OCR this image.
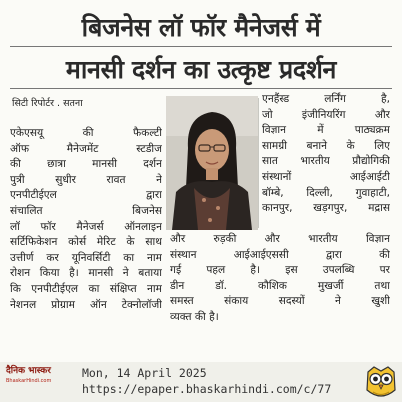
बिजनेस लॉ फॉर मैनेजर्स में
मानसी दर्शन का उत्कृष्ट प्रदर्शन
सिटी रिपोर्टर . सतना
एकेएसयू की फैकल्टी
ऑफ मैनेजमेंट स्टडीज
की छात्रा मानसी दर्शन
पुत्री सुधीर रावत ने
एनपीटीईएल द्वारा
संचालित बिजनेस
लॉ फॉर मैनेजर्स ऑनलाइन
सर्टिफिकेशन कोर्स मेरिट के साथ
उत्तीर्ण कर यूनिवर्सिटी का नाम
रोशन किया है। मानसी ने बताया
कि एनपीटीईएल का संक्षिप्त नाम
नेशनल प्रोग्राम ऑन टेक्नोलॉजी
एनहैंस्ड लर्निंग है,
जो इंजीनियरिंग और
विज्ञान में पाठ्यक्रम
सामग्री बनाने के लिए
सात भारतीय प्रौद्योगिकी
संस्थानों आईआईटी
बॉम्बे, दिल्ली, गुवाहाटी,
कानपुर, खड़गपुर, मद्रास
और रुड़की और भारतीय विज्ञान
संस्थान आईआईएससी द्वारा की
गई पहल है। इस उपलब्धि पर
डीन डॉ. कौशिक मुखर्जी तथा
समस्त संकाय सदस्यों ने खुशी
व्यक्त की है।
दैनिक भास्कर
BhaskarHindi.com
Mon, 14 April 2025
https://epaper.bhaskarhindi.com/c/77
